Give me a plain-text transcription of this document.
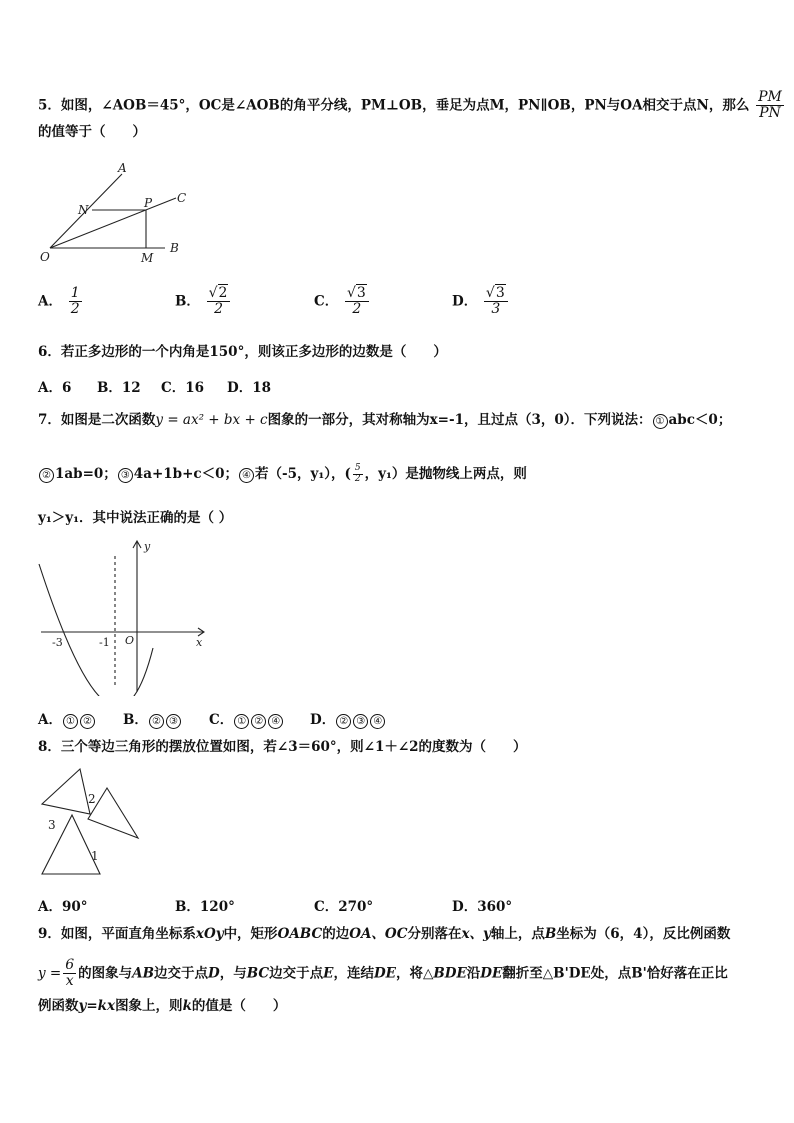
5．如图，∠AOB＝45°，OC是∠AOB的角平分线，PM⊥OB，垂足为点M，PN∥OB，PN与OA相交于点N，那么 $\frac{PM}{PN}$
的值等于（　　）
A
C
N	P
O	M
B
A． $\frac{1}{2}$	B． $\frac{√2}{2}$	C． $\frac{√3}{2}$	D． $\frac{√3}{3}$
6．若正多边形的一个内角是150°，则该正多边形的边数是（　　）
A．6 B．12 C．16 D．18
7．如图是二次函数y = ax² + bx + c图象的一部分，其对称轴为x=-1，且过点（3，0）．下列说法： ① abc＜0；
② 1ab=0； ③ 4a+1b+c＜0； ④ 若（-5，y₁），( $\frac{5}{2}$ ，y₁）是抛物线上两点，则
y₁＞y₁．其中说法正确的是（ ）
y
x
O
-3	-1
A． ① ② B． ② ③ C． ① ② ④ D． ② ③ ④
8．三个等边三角形的摆放位置如图，若∠3＝60°，则∠1＋∠2的度数为（　　）
2
3
1
A．90°	B．120°	C．270°	D．360°
9．如图，平面直角坐标系xOy中，矩形OABC的边OA、OC分别落在x、y轴上，点B坐标为（6，4），反比例函数
$y = \frac{6}{x}$ 的图象与AB边交于点D，与BC边交于点E，连结DE，将△BDE沿DE翻折至△B'DE处，点B'恰好落在正比
例函数y=kx图象上，则k的值是（　　）
